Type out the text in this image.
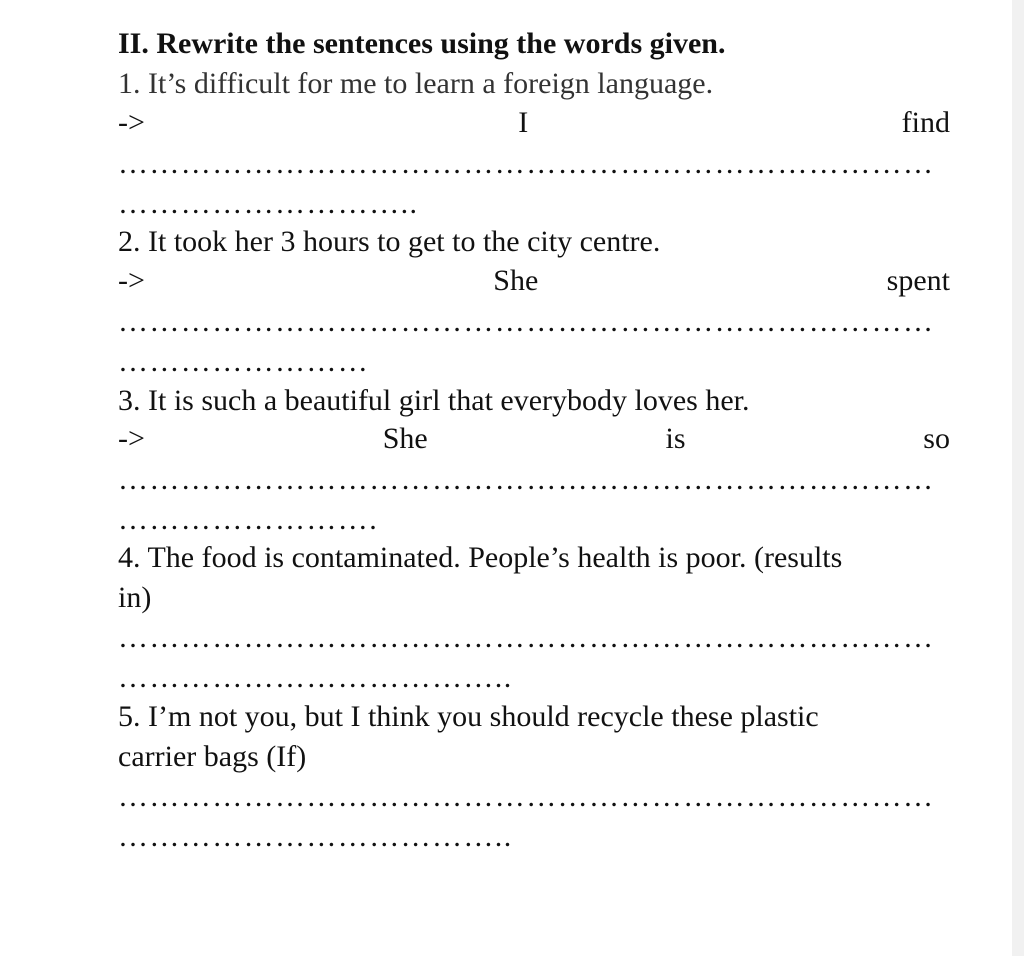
II. Rewrite the sentences using the words given.
1. It’s difficult for me to learn a foreign language.
->	I	find
……………………………………………………………………
………………………..
2. It took her 3 hours to get to the city centre.
->	She	spent
……………………………………………………………………
……………………
3. It is such a beautiful girl that everybody loves her.
->	She	is	so
……………………………………………………………………
…………………….
4. The food is contaminated. People’s health is poor. (results
in)
……………………………………………………………………
………………………………..
5. I’m not you, but I think you should recycle these plastic
carrier bags (If)
……………………………………………………………………
………………………………..
